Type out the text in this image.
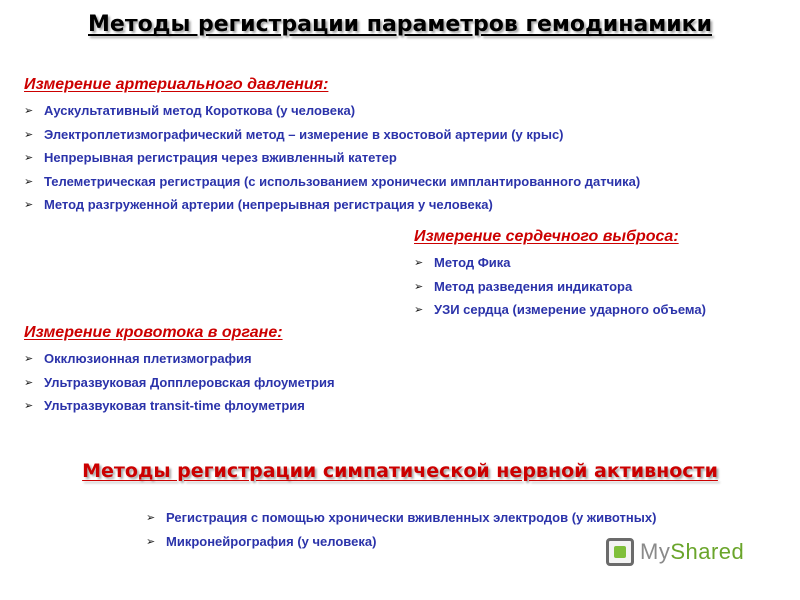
Методы регистрации параметров гемодинамики
Измерение артериального давления:
➢ Аускультативный метод Короткова (у человека)
➢ Электроплетизмографический метод – измерение в хвостовой артерии (у крыс)
➢ Непрерывная регистрация через вживленный катетер
➢ Телеметрическая регистрация (с использованием хронически имплантированного датчика)
➢ Метод разгруженной артерии (непрерывная регистрация у человека)
Измерение сердечного выброса:
➢ Метод Фика
➢ Метод разведения индикатора
➢ УЗИ сердца (измерение ударного объема)
Измерение кровотока в органе:
➢ Окклюзионная плетизмография
➢ Ультразвуковая Допплеровская флоуметрия
➢ Ультразвуковая transit-time флоуметрия
Методы регистрации симпатической нервной активности
➢ Регистрация с помощью хронически вживленных электродов (у животных)
➢ Микронейрография (у человека)	MyShared
